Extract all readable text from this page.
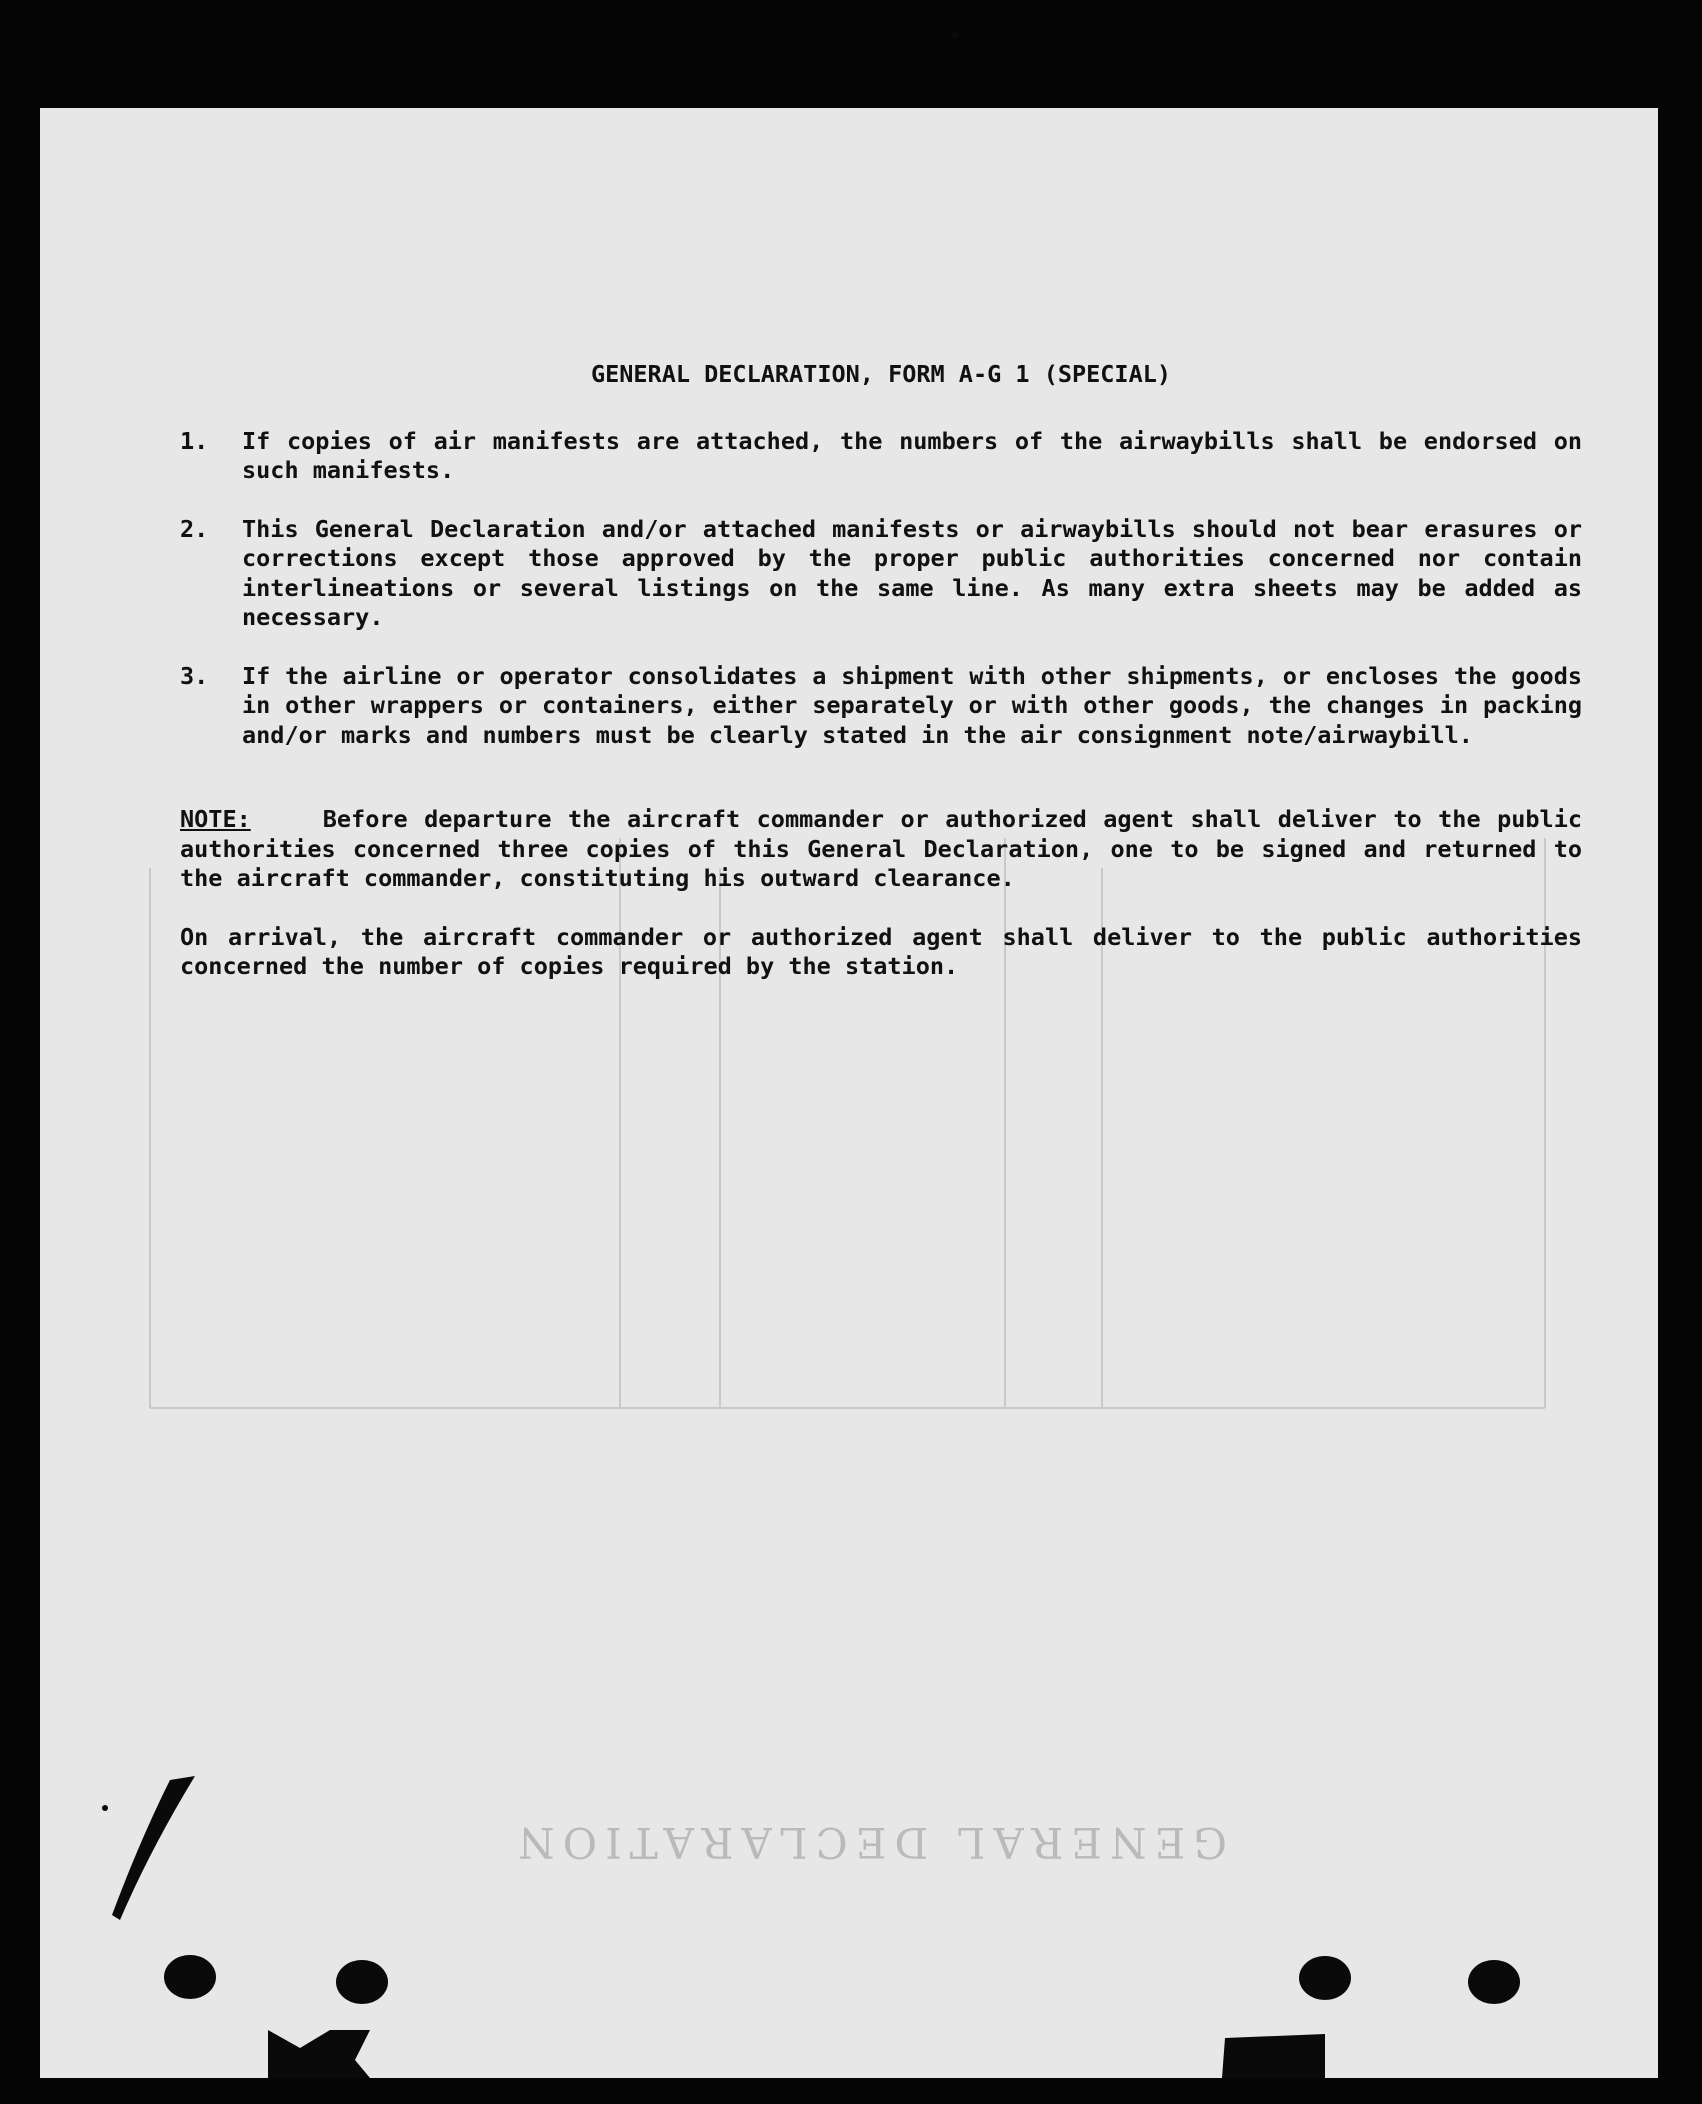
GENERAL DECLARATION
GENERAL DECLARATION, FORM A-G 1 (SPECIAL)
1. If copies of air manifests are attached, the numbers of the airwaybills shall be endorsed on such manifests.
2. This General Declaration and/or attached manifests or airwaybills should not bear erasures or corrections except those approved by the proper public authorities concerned nor contain interlineations or several listings on the same line. As many extra sheets may be added as necessary.
3. If the airline or operator consolidates a shipment with other shipments, or encloses the goods in other wrappers or containers, either separately or with other goods, the changes in packing and/or marks and numbers must be clearly stated in the air consignment note/airwaybill.
NOTE:	Before departure the aircraft commander or authorized agent shall deliver to the public authorities concerned three copies of this General Declaration, one to be signed and returned to the aircraft commander, constituting his outward clearance.
On arrival, the aircraft commander or authorized agent shall deliver to the public authorities concerned the number of copies required by the station.
